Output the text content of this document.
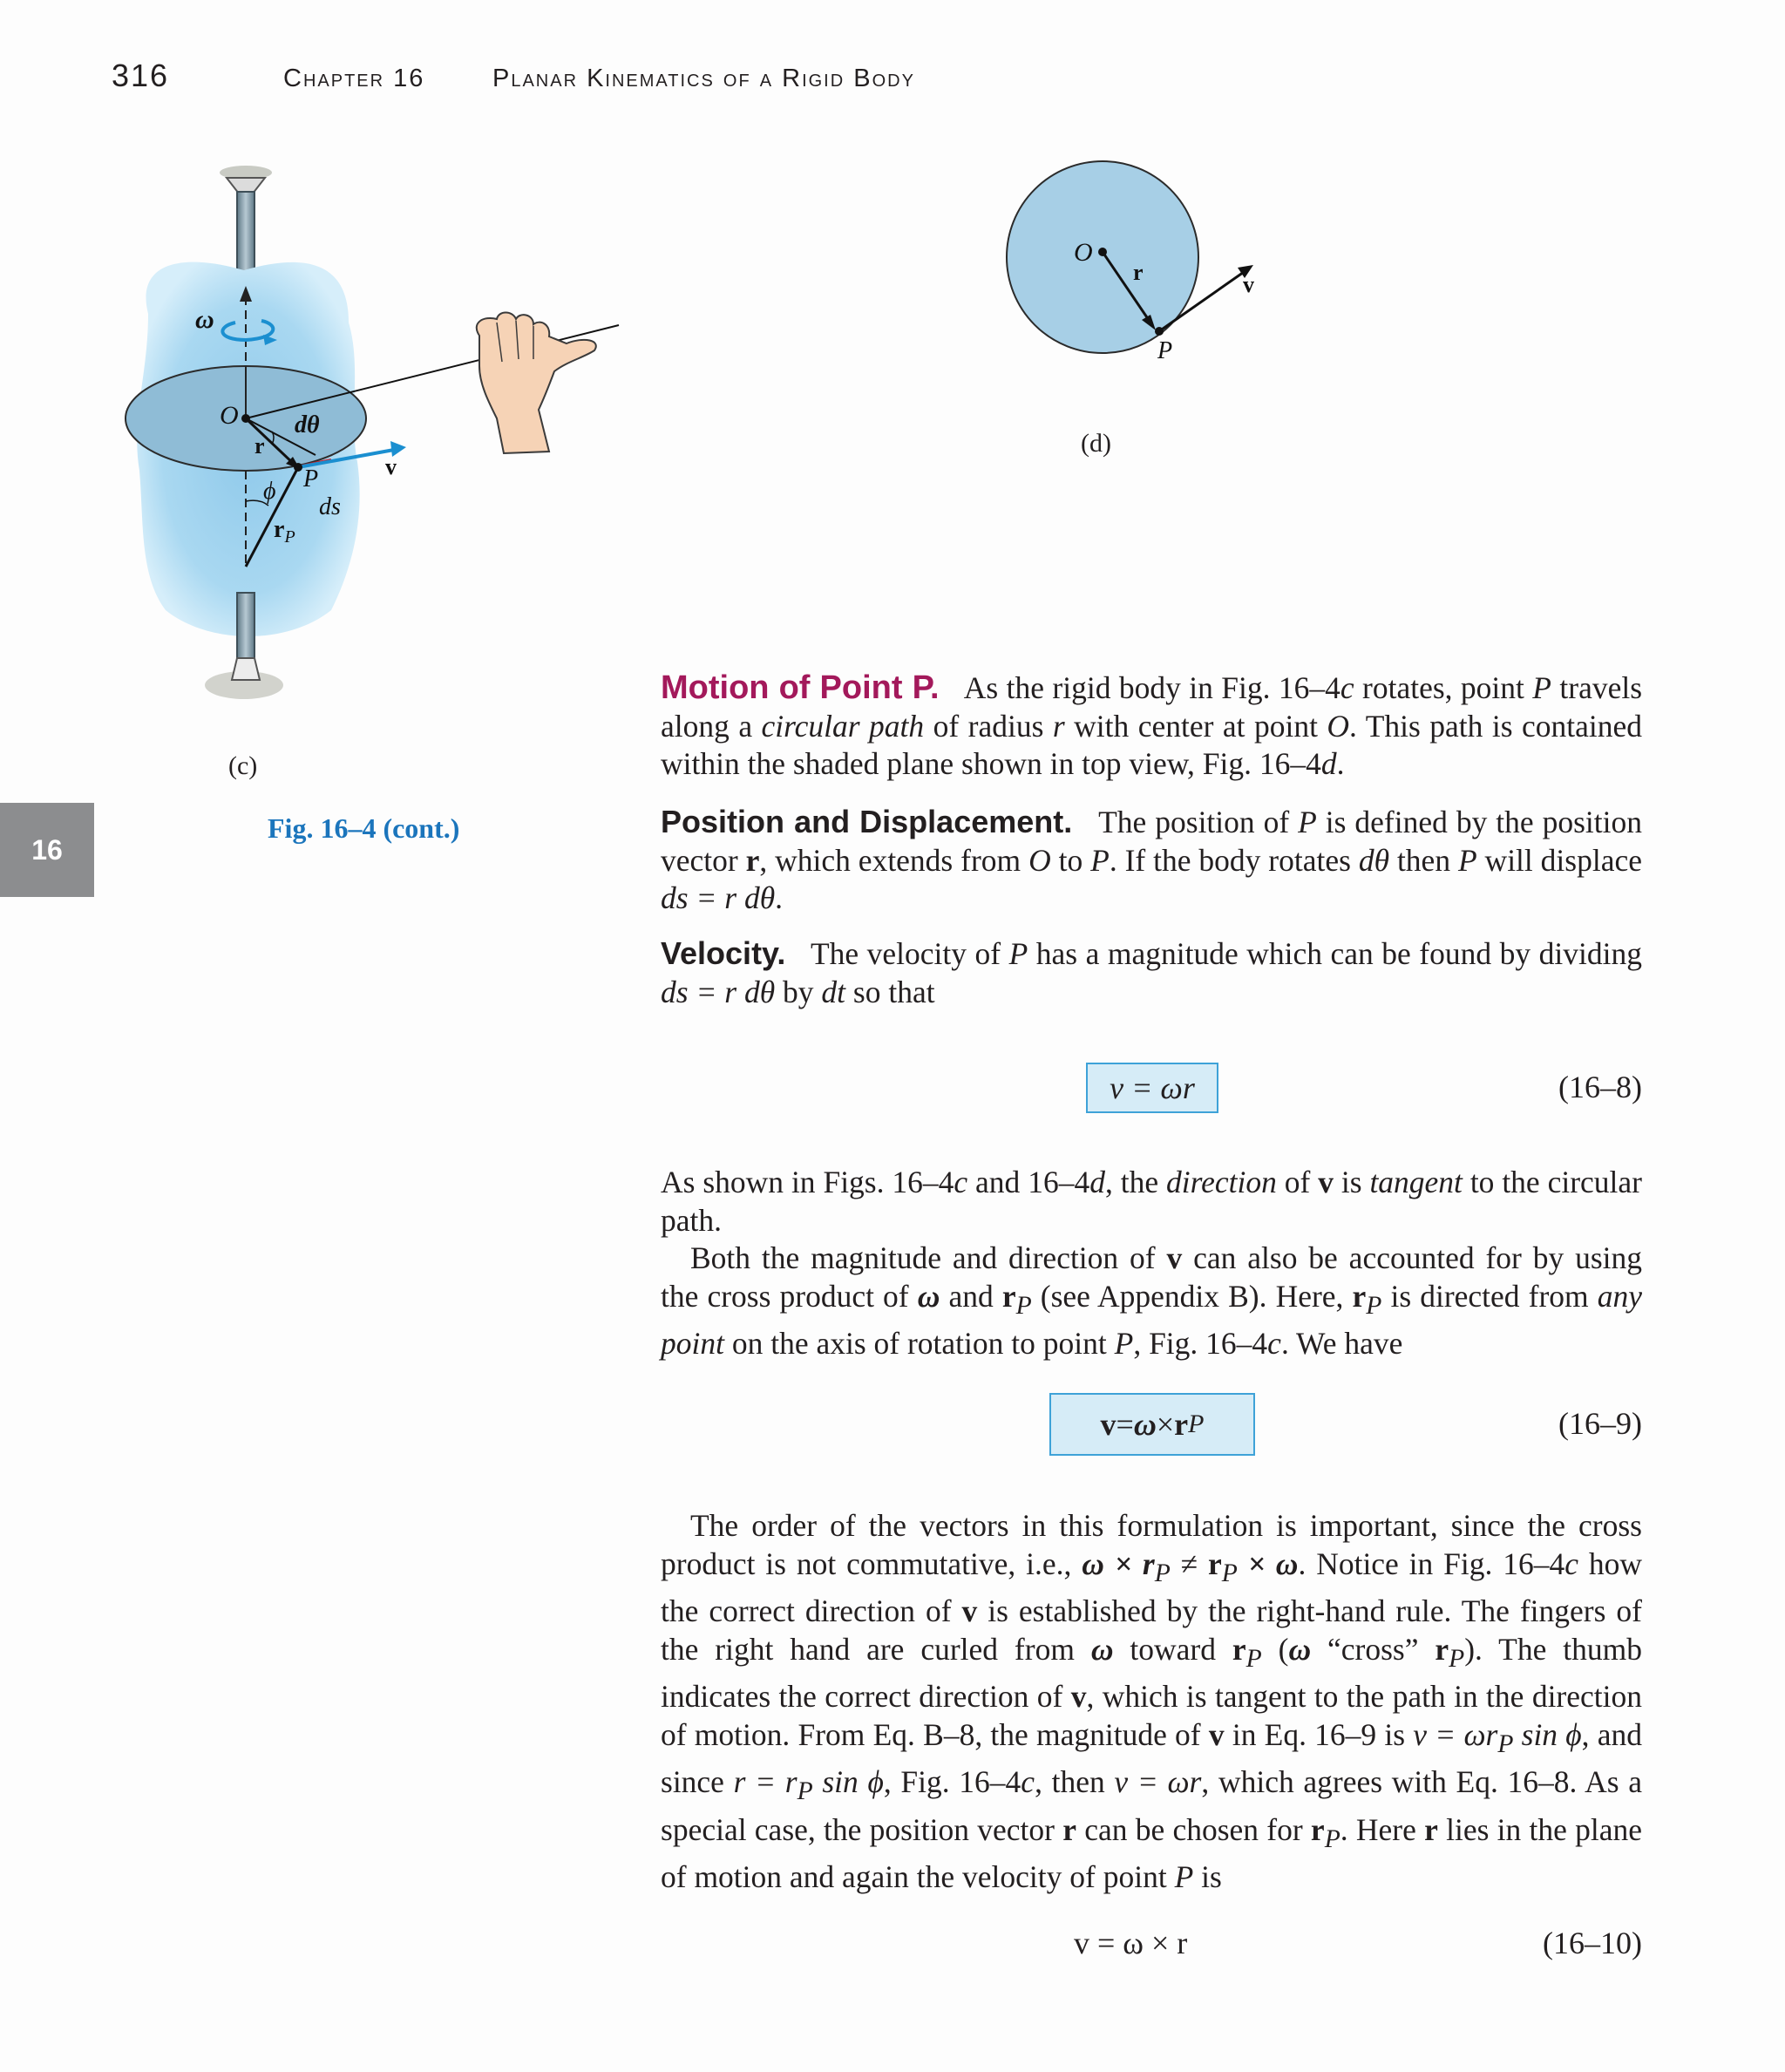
316	Chapter 16	Planar Kinematics of a Rigid Body
16
ω
O dθ
r
v
ϕ P
ds
$r_P$
(c)
O
r	v
P
(d)
Fig. 16–4 (cont.)

Motion of Point P. As the rigid body in Fig. 16–4c rotates, point P travels along a circular path of radius r with center at point O. This path is contained within the shaded plane shown in top view, Fig. 16–4d.

Position and Displacement. The position of P is defined by the position vector r, which extends from O to P. If the body rotates dθ then P will displace ds = r dθ.

Velocity. The velocity of P has a magnitude which can be found by dividing ds = r dθ by dt so that

v = ωr	(16–8)

As shown in Figs. 16–4c and 16–4d, the direction of v is tangent to the circular path.

Both the magnitude and direction of v can also be accounted for by using the cross product of ω and $r_P$ (see Appendix B). Here, $r_P$ is directed from any point on the axis of rotation to point P, Fig. 16–4c. We have

v = ω × r P	(16–9)

The order of the vectors in this formulation is important, since the cross product is not commutative, i.e., $\omega \times r_P \ne r_P \times \omega$. Notice in Fig. 16–4c how the correct direction of v is established by the right-hand rule. The fingers of the right hand are curled from ω toward $r_P$ (ω “cross” $r_P$). The thumb indicates the correct direction of v, which is tangent to the path in the direction of motion. From Eq. B–8, the magnitude of v in Eq. 16–9 is $v = \omega r_P$ sin ϕ, and since $r = r_P$ sin ϕ, Fig. 16–4c, then v = ωr, which agrees with Eq. 16–8. As a special case, the position vector r can be chosen for $r_P$. Here r lies in the plane of motion and again the velocity of point P is

v = ω × r	(16–10)
